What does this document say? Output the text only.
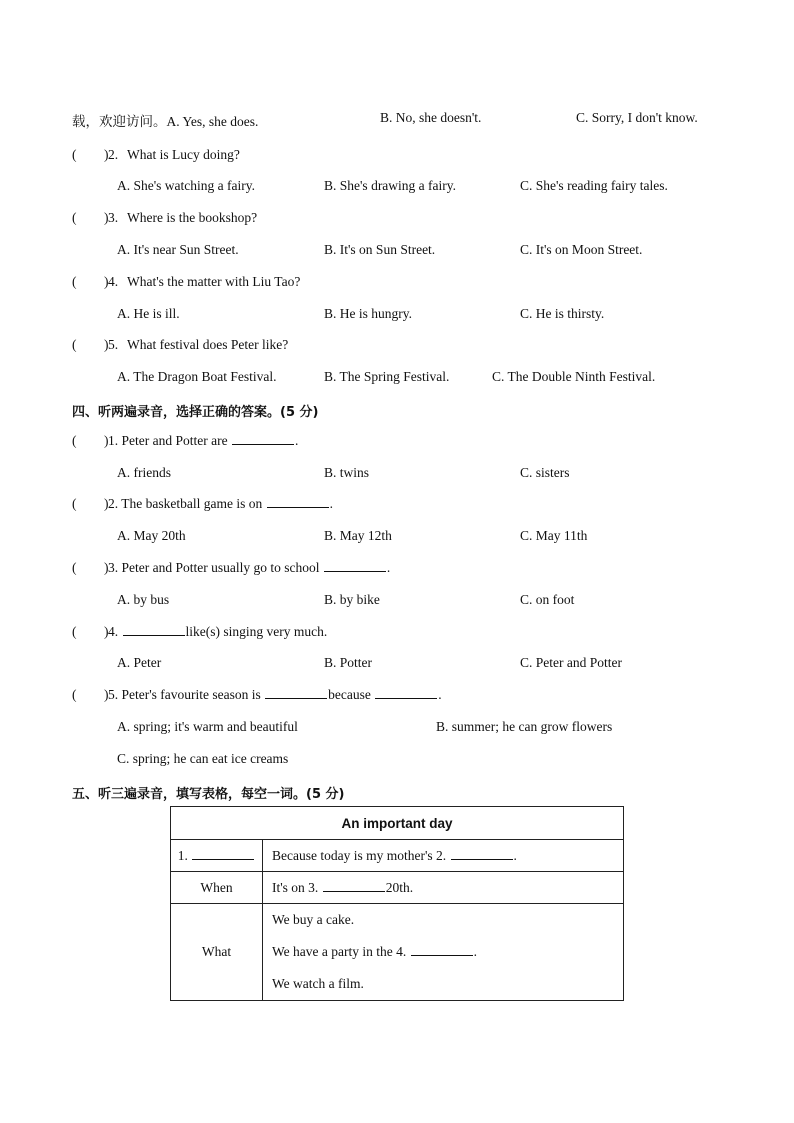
载，欢迎访问。A. Yes, she does.	B. No, she doesn't.	C. Sorry, I don't know.
( ) 2. What is Lucy doing?
A. She's watching a fairy.	B. She's drawing a fairy.	C. She's reading fairy tales.
( ) 3. Where is the bookshop?
A. It's near Sun Street.	B. It's on Sun Street.	C. It's on Moon Street.
( ) 4. What's the matter with Liu Tao?
A. He is ill.	B. He is hungry.	C. He is thirsty.
( ) 5. What festival does Peter like?
A. The Dragon Boat Festival.	B. The Spring Festival.	C. The Double Ninth Festival.
四、听两遍录音，选择正确的答案。(5 分)
( ) 1. Peter and Potter are	.
A. friends	B. twins	C. sisters
( ) 2. The basketball game is on	.
A. May 20th	B. May 12th	C. May 11th
( ) 3. Peter and Potter usually go to school	.
A. by bus	B. by bike	C. on foot
( ) 4.	like(s) singing very much.
A. Peter	B. Potter	C. Peter and Potter
( ) 5. Peter's favourite season is	because	.
A. spring; it's warm and beautiful	B. summer; he can grow flowers
C. spring; he can eat ice creams
五、听三遍录音，填写表格，每空一词。(5 分)
An important day	
1.	Because today is my mother's 2. .
When	It's on 3. 20th.
What	We buy a cake.
We have a party in the 4. .
We watch a film.
